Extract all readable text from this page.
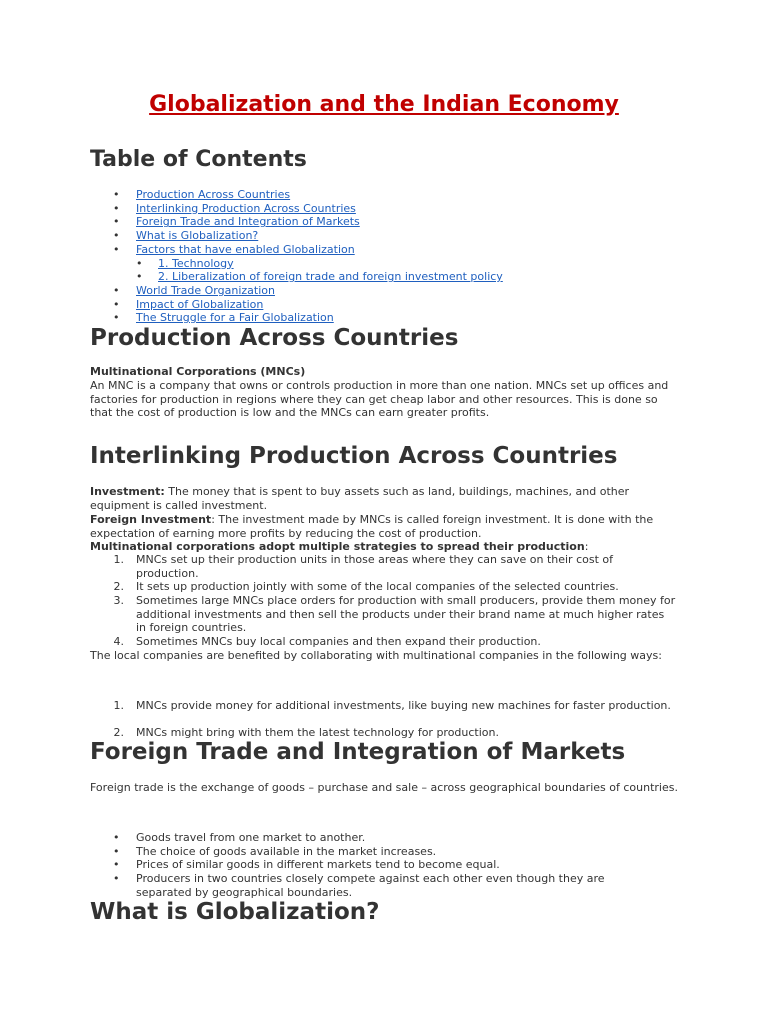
Globalization and the Indian Economy
Table of Contents
• Production Across Countries
• Interlinking Production Across Countries
• Foreign Trade and Integration of Markets
• What is Globalization?
• Factors that have enabled Globalization
• 1. Technology
• 2. Liberalization of foreign trade and foreign investment policy
• World Trade Organization
• Impact of Globalization
• The Struggle for a Fair Globalization
Production Across Countries
Multinational Corporations (MNCs)
An MNC is a company that owns or controls production in more than one nation. MNCs set up offices and factories for production in regions where they can get cheap labor and other resources. This is done so that the cost of production is low and the MNCs can earn greater profits.
Interlinking Production Across Countries
Investment: The money that is spent to buy assets such as land, buildings, machines, and other equipment is called investment.
Foreign Investment: The investment made by MNCs is called foreign investment. It is done with the expectation of earning more profits by reducing the cost of production.
Multinational corporations adopt multiple strategies to spread their production:
1. MNCs set up their production units in those areas where they can save on their cost of production.
2. It sets up production jointly with some of the local companies of the selected countries.
3. Sometimes large MNCs place orders for production with small producers, provide them money for additional investments and then sell the products under their brand name at much higher rates in foreign countries.
4. Sometimes MNCs buy local companies and then expand their production.
The local companies are benefited by collaborating with multinational companies in the following ways:
1. MNCs provide money for additional investments, like buying new machines for faster production.
2. MNCs might bring with them the latest technology for production.
Foreign Trade and Integration of Markets
Foreign trade is the exchange of goods – purchase and sale – across geographical boundaries of countries.
• Goods travel from one market to another.
• The choice of goods available in the market increases.
• Prices of similar goods in different markets tend to become equal.
• Producers in two countries closely compete against each other even though they are separated by geographical boundaries.
What is Globalization?
